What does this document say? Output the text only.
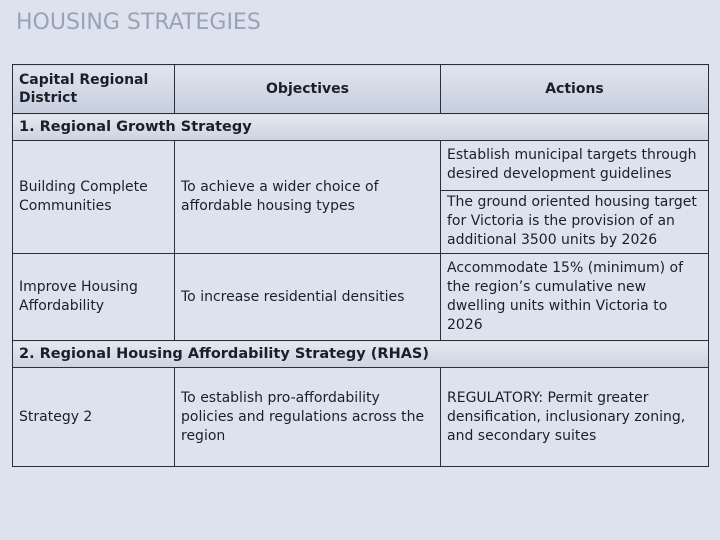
HOUSING STRATEGIES
Capital Regional District	Objectives	Actions
1. Regional Growth Strategy		
Building Complete Communities	To achieve a wider choice of affordable housing types	Establish municipal targets through desired development guidelines
		The ground oriented housing target for Victoria is the provision of an additional 3500 units by 2026
Improve Housing Affordability	To increase residential densities	Accommodate 15% (minimum) of the region’s cumulative new dwelling units within Victoria to 2026
2. Regional Housing Affordability Strategy (RHAS)		
Strategy 2	To establish pro-affordability policies and regulations across the region	REGULATORY: Permit greater densification, inclusionary zoning, and secondary suites
